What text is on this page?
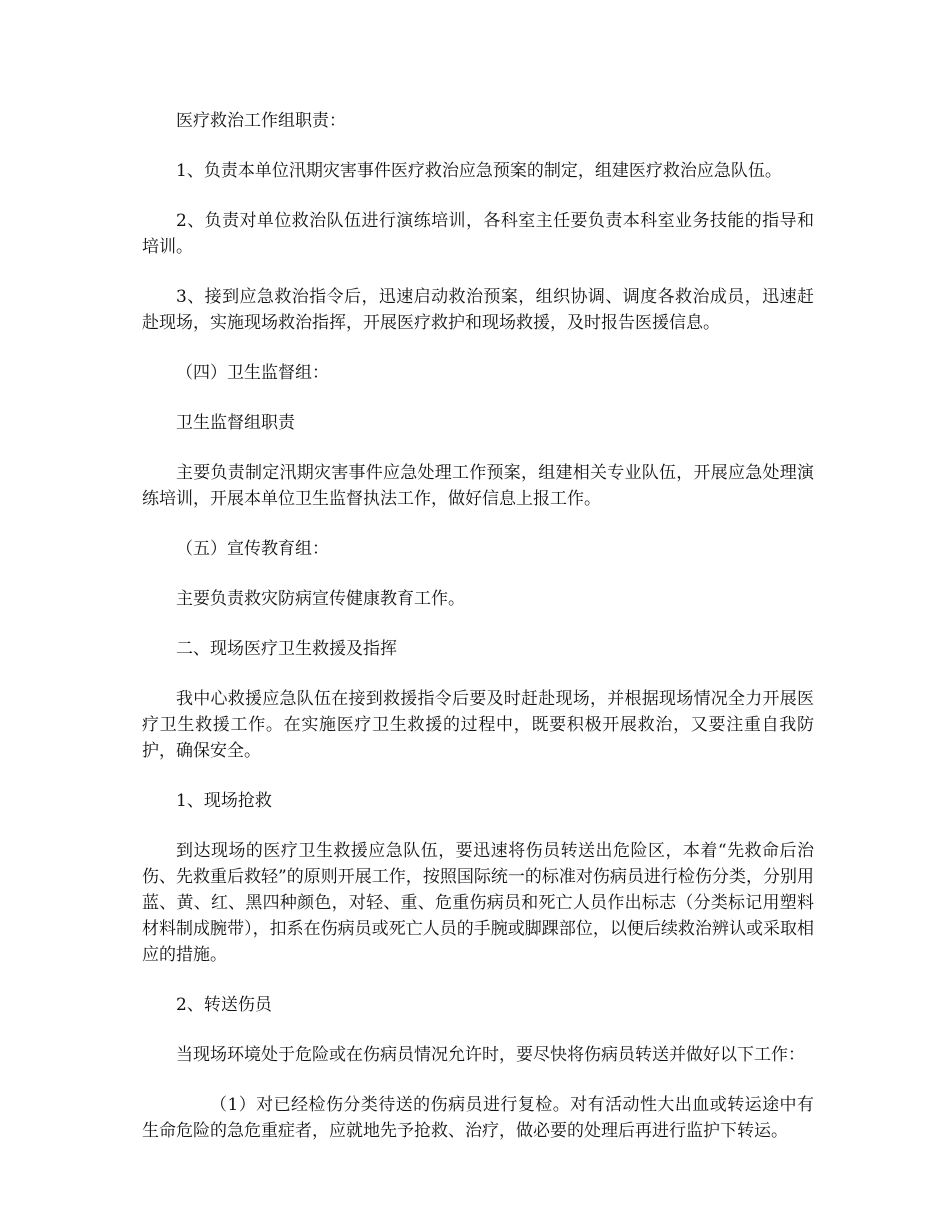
医疗救治工作组职责：

1、负责本单位汛期灾害事件医疗救治应急预案的制定，组建医疗救治应急队伍。

2、负责对单位救治队伍进行演练培训，各科室主任要负责本科室业务技能的指导和培训。

3、接到应急救治指令后，迅速启动救治预案，组织协调、调度各救治成员，迅速赶赴现场，实施现场救治指挥，开展医疗救护和现场救援，及时报告医援信息。

（四）卫生监督组：

卫生监督组职责

主要负责制定汛期灾害事件应急处理工作预案，组建相关专业队伍，开展应急处理演练培训，开展本单位卫生监督执法工作，做好信息上报工作。

（五）宣传教育组：

主要负责救灾防病宣传健康教育工作。

二、现场医疗卫生救援及指挥

我中心救援应急队伍在接到救援指令后要及时赶赴现场，并根据现场情况全力开展医疗卫生救援工作。在实施医疗卫生救援的过程中，既要积极开展救治，又要注重自我防护，确保安全。

1、现场抢救

到达现场的医疗卫生救援应急队伍，要迅速将伤员转送出危险区，本着“先救命后治伤、先救重后救轻”的原则开展工作，按照国际统一的标准对伤病员进行检伤分类，分别用蓝、黄、红、黑四种颜色，对轻、重、危重伤病员和死亡人员作出标志（分类标记用塑料材料制成腕带），扣系在伤病员或死亡人员的手腕或脚踝部位，以便后续救治辨认或采取相应的措施。

2、转送伤员

当现场环境处于危险或在伤病员情况允许时，要尽快将伤病员转送并做好以下工作：

（1）对已经检伤分类待送的伤病员进行复检。对有活动性大出血或转运途中有生命危险的急危重症者，应就地先予抢救、治疗，做必要的处理后再进行监护下转运。
